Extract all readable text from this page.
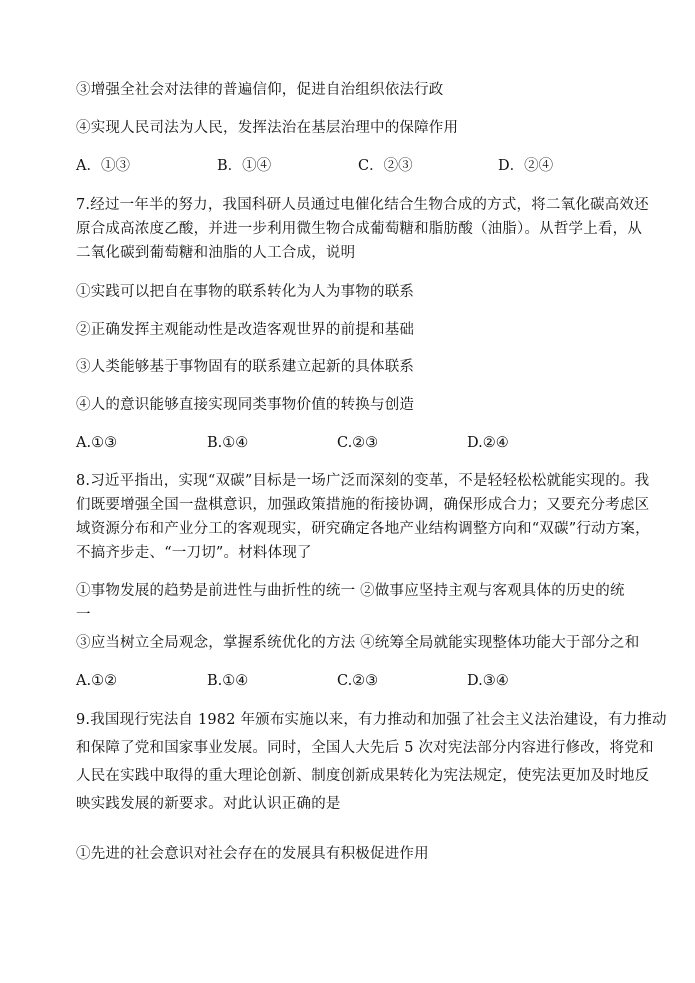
③增强全社会对法律的普遍信仰，促进自治组织依法行政
④实现人民司法为人民，发挥法治在基层治理中的保障作用
A．①③	B．①④	C．②③	D．②④
7.经过一年半的努力，我国科研人员通过电催化结合生物合成的方式，将二氧化碳高效还
原合成高浓度乙酸，并进一步利用微生物合成葡萄糖和脂肪酸（油脂）。从哲学上看，从
二氧化碳到葡萄糖和油脂的人工合成，说明
①实践可以把自在事物的联系转化为人为事物的联系
②正确发挥主观能动性是改造客观世界的前提和基础
③人类能够基于事物固有的联系建立起新的具体联系
④人的意识能够直接实现同类事物价值的转换与创造
A.①③	B.①④	C.②③	D.②④
8.习近平指出，实现“双碳”目标是一场广泛而深刻的变革，不是轻轻松松就能实现的。我
们既要增强全国一盘棋意识，加强政策措施的衔接协调，确保形成合力；又要充分考虑区
域资源分布和产业分工的客观现实，研究确定各地产业结构调整方向和“双碳”行动方案，
不搞齐步走、“一刀切”。材料体现了
①事物发展的趋势是前进性与曲折性的统一 ②做事应坚持主观与客观具体的历史的统
一
③应当树立全局观念，掌握系统优化的方法 ④统筹全局就能实现整体功能大于部分之和
A.①②	B.①④	C.②③	D.③④
9.我国现行宪法自 1982 年颁布实施以来，有力推动和加强了社会主义法治建设，有力推动
和保障了党和国家事业发展。同时，全国人大先后 5 次对宪法部分内容进行修改，将党和
人民在实践中取得的重大理论创新、制度创新成果转化为宪法规定，使宪法更加及时地反
映实践发展的新要求。对此认识正确的是
①先进的社会意识对社会存在的发展具有积极促进作用
